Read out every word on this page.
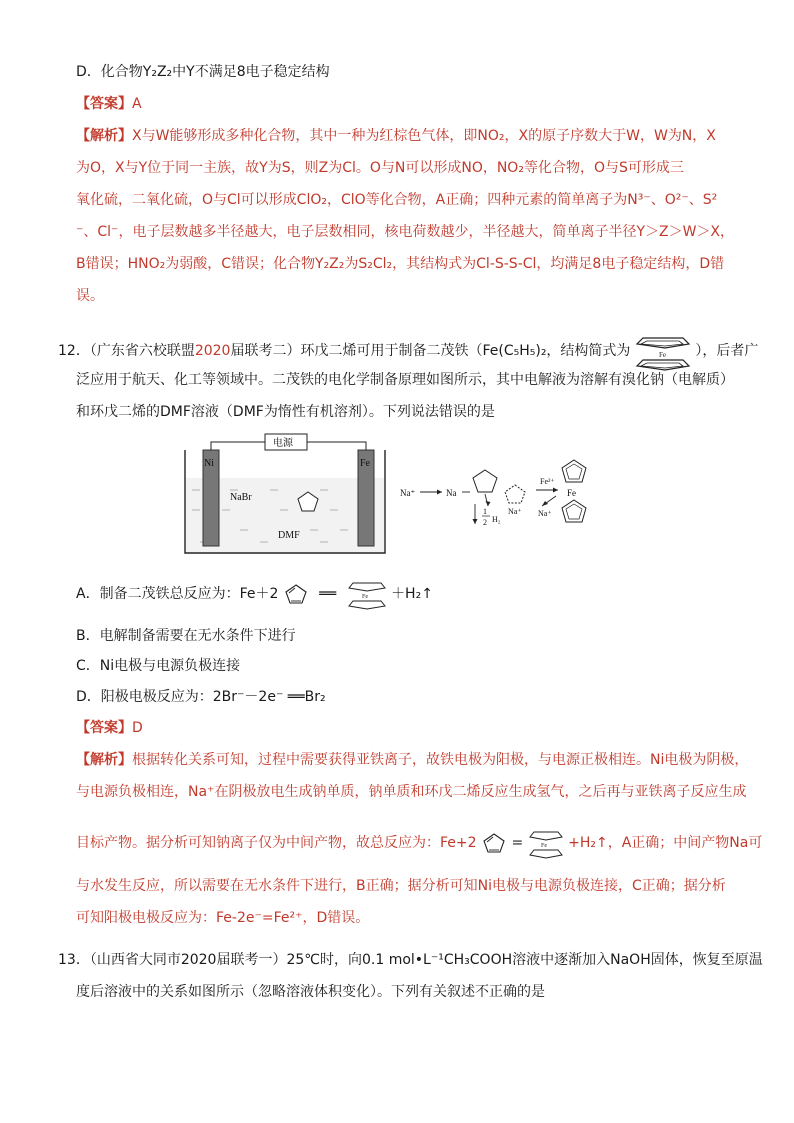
D．化合物Y₂Z₂中Y不满足8电子稳定结构
【答案】A
【解析】X与W能够形成多种化合物，其中一种为红棕色气体，即NO₂，X的原子序数大于W，W为N，X
为O，X与Y位于同一主族，故Y为S，则Z为Cl。O与N可以形成NO，NO₂等化合物，O与S可形成三
氧化硫，二氧化硫，O与Cl可以形成ClO₂，ClO等化合物，A正确；四种元素的简单离子为N³⁻、O²⁻、S²
⁻、Cl⁻，电子层数越多半径越大，电子层数相同，核电荷数越少，半径越大，简单离子半径Y＞Z＞W＞X，
B错误；HNO₂为弱酸，C错误；化合物Y₂Z₂为S₂Cl₂，其结构式为Cl-S-S-Cl，均满足8电子稳定结构，D错
误。
12．（广东省六校联盟2020届联考二）环戊二烯可用于制备二茂铁（Fe(C₅H₅)₂，结构简式为	Fe ），后者广
泛应用于航天、化工等领域中。二茂铁的电化学制备原理如图所示，其中电解液为溶解有溴化钠（电解质）
和环戊二烯的DMF溶液（DMF为惰性有机溶剂）。下列说法错误的是
Ni	Fe
电源
NaBr
DMF
Na⁺	Na
1
2 H₂
Na⁺
Fe²⁺
Na⁺
Fe
A．制备二茂铁总反应为：Fe＋2	══	Fe ＋H₂↑
B．电解制备需要在无水条件下进行
C．Ni电极与电源负极连接
D．阳极电极反应为：2Br⁻－2e⁻ ══Br₂
【答案】D
【解析】根据转化关系可知，过程中需要获得亚铁离子，故铁电极为阳极，与电源正极相连。Ni电极为阴极，
与电源负极相连，Na⁺在阴极放电生成钠单质，钠单质和环戊二烯反应生成氢气，之后再与亚铁离子反应生成
目标产物。据分析可知钠离子仅为中间产物，故总反应为：Fe+2 =	Fe +H₂↑，A正确；中间产物Na可
与水发生反应，所以需要在无水条件下进行，B正确；据分析可知Ni电极与电源负极连接，C正确；据分析
可知阳极电极反应为：Fe-2e⁻=Fe²⁺，D错误。
13．（山西省大同市2020届联考一）25℃时，向0.1 mol•L⁻¹CH₃COOH溶液中逐渐加入NaOH固体，恢复至原温
度后溶液中的关系如图所示（忽略溶液体积变化）。下列有关叙述不正确的是
